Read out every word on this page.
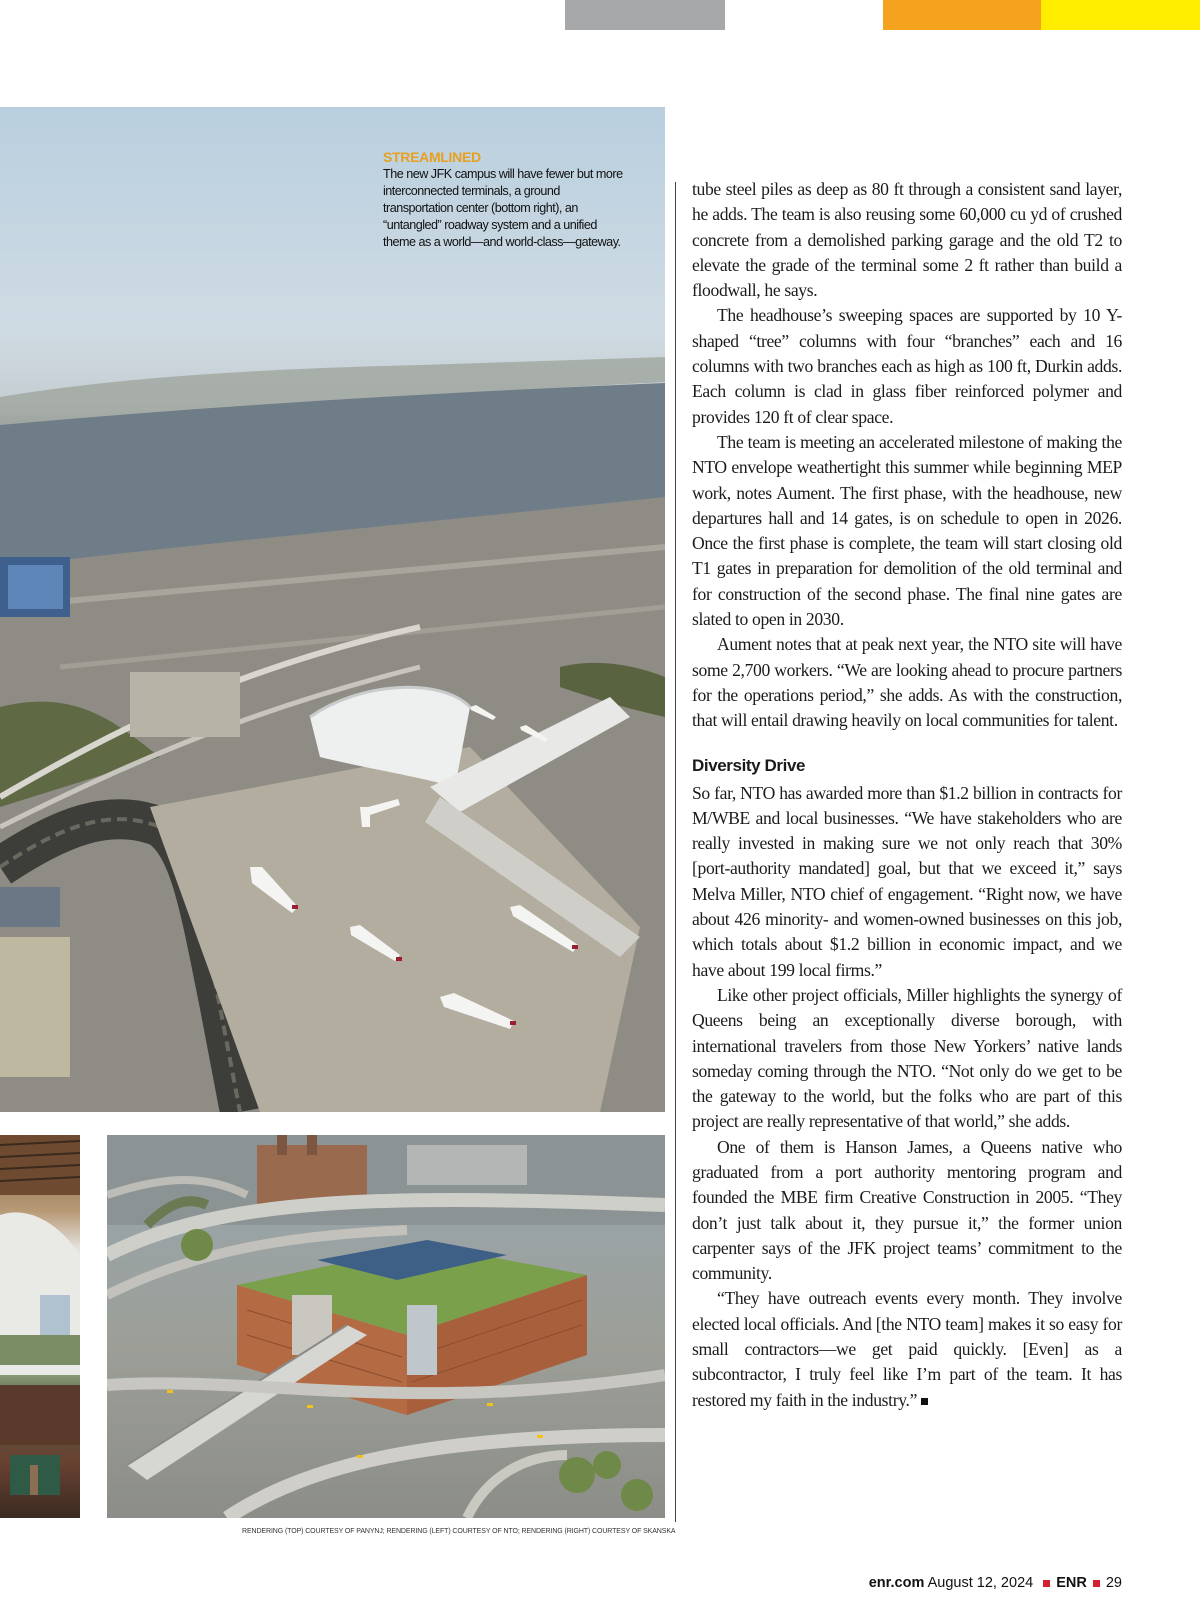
STREAMLINED
The new JFK campus will have fewer but more interconnected terminals, a ground transportation center (bottom right), an “untangled” roadway system and a unified theme as a world—and world-class—gateway.
RENDERING (TOP) COURTESY OF PANYNJ; RENDERING (LEFT) COURTESY OF NTO; RENDERING (RIGHT) COURTESY OF SKANSKA

tube steel piles as deep as 80 ft through a consistent sand layer, he adds. The team is also reusing some 60,000 cu yd of crushed concrete from a demolished parking garage and the old T2 to elevate the grade of the terminal some 2 ft rather than build a floodwall, he says.

The headhouse’s sweeping spaces are supported by 10 Y-shaped “tree” columns with four “branches” each and 16 columns with two branches each as high as 100 ft, Durkin adds. Each column is clad in glass fiber reinforced polymer and provides 120 ft of clear space.

The team is meeting an accelerated milestone of making the NTO envelope weathertight this summer while beginning MEP work, notes Aument. The first phase, with the headhouse, new departures hall and 14 gates, is on schedule to open in 2026. Once the first phase is complete, the team will start closing old T1 gates in preparation for demolition of the old terminal and for construction of the second phase. The final nine gates are slated to open in 2030.

Aument notes that at peak next year, the NTO site will have some 2,700 workers. “We are looking ahead to procure partners for the operations period,” she adds. As with the construction, that will entail drawing heavily on local communities for talent.

Diversity Drive

So far, NTO has awarded more than $1.2 billion in contracts for M/WBE and local businesses. “We have stakeholders who are really invested in making sure we not only reach that 30% [port-authority mandated] goal, but that we exceed it,” says Melva Miller, NTO chief of engagement. “Right now, we have about 426 minority- and women-owned businesses on this job, which totals about $1.2 billion in economic impact, and we have about 199 local firms.”

Like other project officials, Miller highlights the synergy of Queens being an exceptionally diverse borough, with international travelers from those New Yorkers’ native lands someday coming through the NTO. “Not only do we get to be the gateway to the world, but the folks who are part of this project are really representative of that world,” she adds.

One of them is Hanson James, a Queens native who graduated from a port authority mentoring program and founded the MBE firm Creative Construction in 2005. “They don’t just talk about it, they pursue it,” the former union carpenter says of the JFK project teams’ commitment to the community.

“They have outreach events every month. They involve elected local officials. And [the NTO team] makes it so easy for small contractors—we get paid quickly. [Even] as a subcontractor, I truly feel like I’m part of the team. It has restored my faith in the industry.”

enr.com August 12, 2024 ENR 29
